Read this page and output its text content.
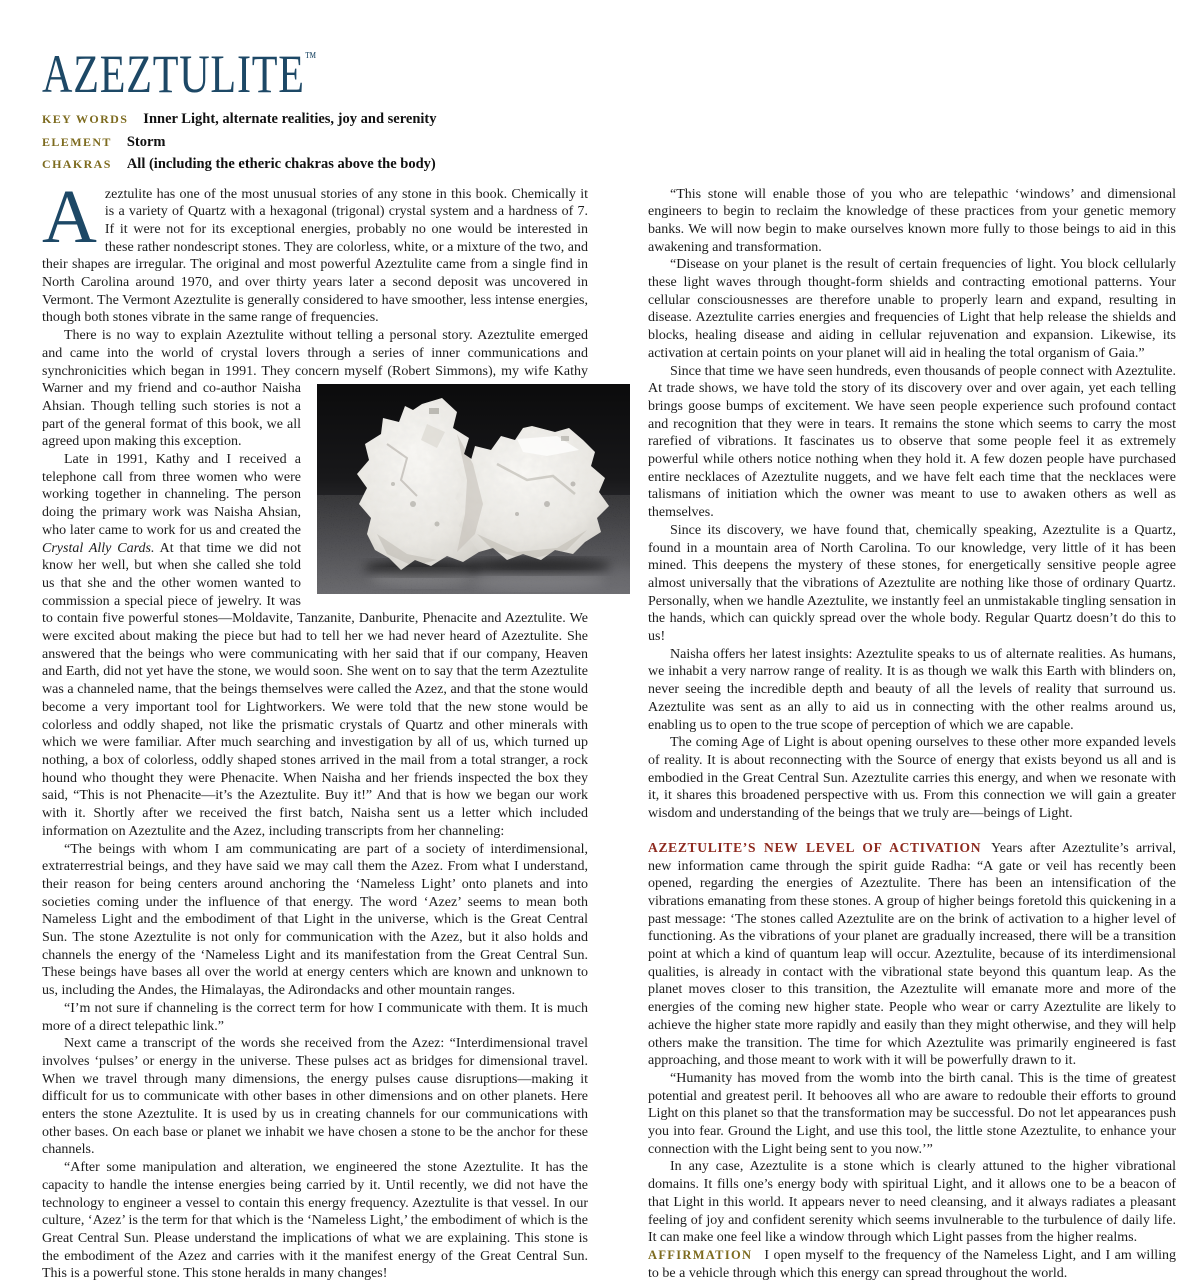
AZEZTULITE™
KEY WORDS Inner Light, alternate realities, joy and serenity
ELEMENT Storm
CHAKRAS All (including the etheric chakras above the body)

Azeztulite has one of the most unusual stories of any stone in this book. Chemically it is a variety of Quartz with a hexagonal (trigonal) crystal system and a hardness of 7. If it were not for its exceptional energies, probably no one would be interested in these rather nondescript stones. They are colorless, white, or a mixture of the two, and their shapes are irregular. The original and most powerful Azeztulite came from a single find in North Carolina around 1970, and over thirty years later a second deposit was uncovered in Vermont. The Vermont Azeztulite is generally considered to have smoother, less intense energies, though both stones vibrate in the same range of frequencies.

There is no way to explain Azeztulite without telling a personal story. Azeztulite emerged and came into the world of crystal lovers through a series of inner communications and synchronicities which began in 1991. They concern myself (Robert Simmons), my wife Kathy
Warner and my friend and co-author Naisha Ahsian. Though telling such stories is not a part of the general format of this book, we all agreed upon making this exception.

Late in 1991, Kathy and I received a telephone call from three women who were working together in channeling. The person doing the primary work was Naisha Ahsian, who later came to work for us and created the Crystal Ally Cards. At that time we did not know her well, but when she called she told us that she and the other women wanted to commission a special piece of jewelry. It was to contain five powerful stones—Moldavite, Tanzanite, Danburite, Phenacite and Azeztulite. We were excited about making the piece but had to tell her we had never heard of Azeztulite. She answered that the beings who were communicating with her said that if our company, Heaven and Earth, did not yet have the stone, we would soon. She went on to say that the term Azeztulite was a channeled name, that the beings themselves were called the Azez, and that the stone would become a very important tool for Lightworkers. We were told that the new stone would be colorless and oddly shaped, not like the prismatic crystals of Quartz and other minerals with which we were familiar. After much searching and investigation by all of us, which turned up nothing, a box of colorless, oddly shaped stones arrived in the mail from a total stranger, a rock hound who thought they were Phenacite. When Naisha and her friends inspected the box they said, “This is not Phenacite—it’s the Azeztulite. Buy it!” And that is how we began our work with it. Shortly after we received the first batch, Naisha sent us a letter which included information on Azeztulite and the Azez, including transcripts from her channeling:

“The beings with whom I am communicating are part of a society of interdimensional, extraterrestrial beings, and they have said we may call them the Azez. From what I understand, their reason for being centers around anchoring the ‘Nameless Light’ onto planets and into societies coming under the influence of that energy. The word ‘Azez’ seems to mean both Nameless Light and the embodiment of that Light in the universe, which is the Great Central Sun. The stone Azeztulite is not only for communication with the Azez, but it also holds and channels the energy of the ‘Nameless Light and its manifestation from the Great Central Sun. These beings have bases all over the world at energy centers which are known and unknown to us, including the Andes, the Himalayas, the Adirondacks and other mountain ranges.

“I’m not sure if channeling is the correct term for how I communicate with them. It is much more of a direct telepathic link.”

Next came a transcript of the words she received from the Azez: “Interdimensional travel involves ‘pulses’ or energy in the universe. These pulses act as bridges for dimensional travel. When we travel through many dimensions, the energy pulses cause disruptions—making it difficult for us to communicate with other bases in other dimensions and on other planets. Here enters the stone Azeztulite. It is used by us in creating channels for our communications with other bases. On each base or planet we inhabit we have chosen a stone to be the anchor for these channels.

“After some manipulation and alteration, we engineered the stone Azeztulite. It has the capacity to handle the intense energies being carried by it. Until recently, we did not have the technology to engineer a vessel to contain this energy frequency. Azeztulite is that vessel. In our culture, ‘Azez’ is the term for that which is the ‘Nameless Light,’ the embodiment of which is the Great Central Sun. Please understand the implications of what we are explaining. This stone is the embodiment of the Azez and carries with it the manifest energy of the Great Central Sun. This is a powerful stone. This stone heralds in many changes!

“This stone will enable those of you who are telepathic ‘windows’ and dimensional engineers to begin to reclaim the knowledge of these practices from your genetic memory banks. We will now begin to make ourselves known more fully to those beings to aid in this awakening and transformation.

“Disease on your planet is the result of certain frequencies of light. You block cellularly these light waves through thought-form shields and contracting emotional patterns. Your cellular consciousnesses are therefore unable to properly learn and expand, resulting in disease. Azeztulite carries energies and frequencies of Light that help release the shields and blocks, healing disease and aiding in cellular rejuvenation and expansion. Likewise, its activation at certain points on your planet will aid in healing the total organism of Gaia.”

Since that time we have seen hundreds, even thousands of people connect with Azeztulite. At trade shows, we have told the story of its discovery over and over again, yet each telling brings goose bumps of excitement. We have seen people experience such profound contact and recognition that they were in tears. It remains the stone which seems to carry the most rarefied of vibrations. It fascinates us to observe that some people feel it as extremely powerful while others notice nothing when they hold it. A few dozen people have purchased entire necklaces of Azeztulite nuggets, and we have felt each time that the necklaces were talismans of initiation which the owner was meant to use to awaken others as well as themselves.

Since its discovery, we have found that, chemically speaking, Azeztulite is a Quartz, found in a mountain area of North Carolina. To our knowledge, very little of it has been mined. This deepens the mystery of these stones, for energetically sensitive people agree almost universally that the vibrations of Azeztulite are nothing like those of ordinary Quartz. Personally, when we handle Azeztulite, we instantly feel an unmistakable tingling sensation in the hands, which can quickly spread over the whole body. Regular Quartz doesn’t do this to us!

Naisha offers her latest insights: Azeztulite speaks to us of alternate realities. As humans, we inhabit a very narrow range of reality. It is as though we walk this Earth with blinders on, never seeing the incredible depth and beauty of all the levels of reality that surround us. Azeztulite was sent as an ally to aid us in connecting with the other realms around us, enabling us to open to the true scope of perception of which we are capable.

The coming Age of Light is about opening ourselves to these other more expanded levels of reality. It is about reconnecting with the Source of energy that exists beyond us all and is embodied in the Great Central Sun. Azeztulite carries this energy, and when we resonate with it, it shares this broadened perspective with us. From this connection we will gain a greater wisdom and understanding of the beings that we truly are—beings of Light.

AZEZTULITE’S NEW LEVEL OF ACTIVATION Years after Azeztulite’s arrival, new information came through the spirit guide Radha: “A gate or veil has recently been opened, regarding the energies of Azeztulite. There has been an intensification of the vibrations emanating from these stones. A group of higher beings foretold this quickening in a past message: ‘The stones called Azeztulite are on the brink of activation to a higher level of functioning. As the vibrations of your planet are gradually increased, there will be a transition point at which a kind of quantum leap will occur. Azeztulite, because of its interdimensional qualities, is already in contact with the vibrational state beyond this quantum leap. As the planet moves closer to this transition, the Azeztulite will emanate more and more of the energies of the coming new higher state. People who wear or carry Azeztulite are likely to achieve the higher state more rapidly and easily than they might otherwise, and they will help others make the transition. The time for which Azeztulite was primarily engineered is fast approaching, and those meant to work with it will be powerfully drawn to it.

“Humanity has moved from the womb into the birth canal. This is the time of greatest potential and greatest peril. It behooves all who are aware to redouble their efforts to ground Light on this planet so that the transformation may be successful. Do not let appearances push you into fear. Ground the Light, and use this tool, the little stone Azeztulite, to enhance your connection with the Light being sent to you now.’”

In any case, Azeztulite is a stone which is clearly attuned to the higher vibrational domains. It fills one’s energy body with spiritual Light, and it allows one to be a beacon of that Light in this world. It appears never to need cleansing, and it always radiates a pleasant feeling of joy and confident serenity which seems invulnerable to the turbulence of daily life. It can make one feel like a window through which Light passes from the higher realms.

AFFIRMATION I open myself to the frequency of the Nameless Light, and I am willing to be a vehicle through which this energy can spread throughout the world.
